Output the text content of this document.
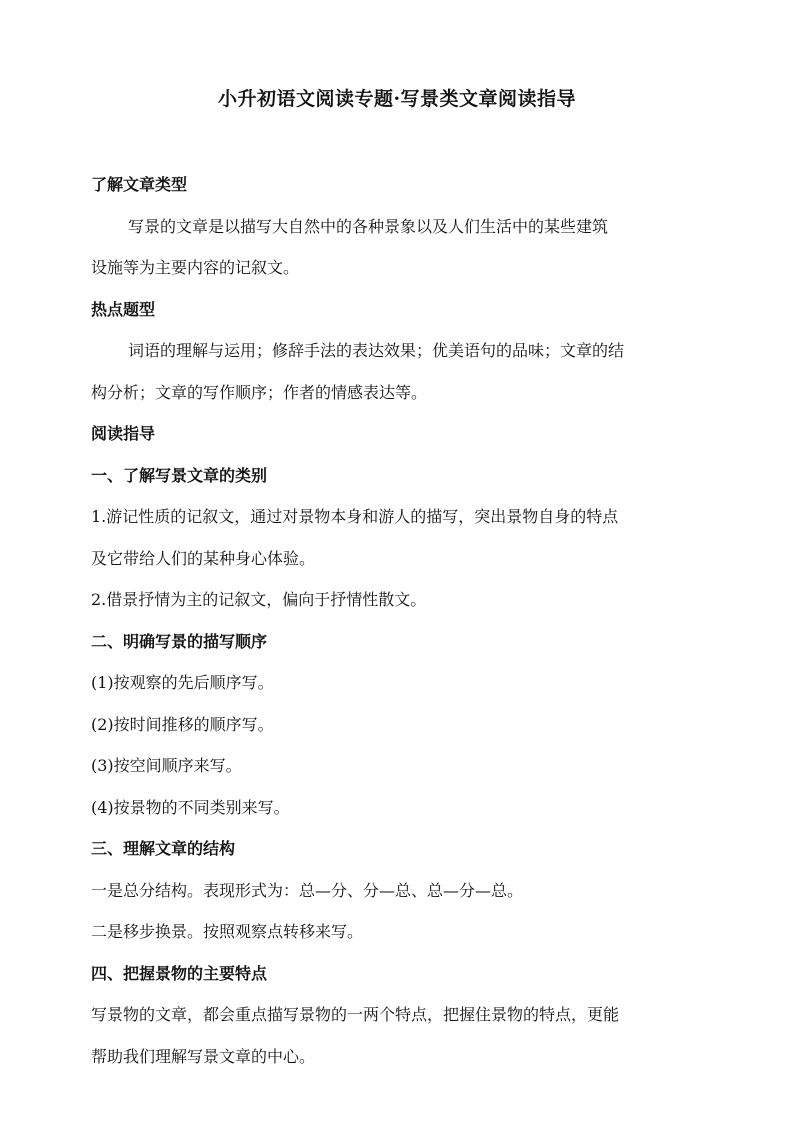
小升初语文阅读专题·写景类文章阅读指导

了解文章类型

写景的文章是以描写大自然中的各种景象以及人们生活中的某些建筑

设施等为主要内容的记叙文。

热点题型

词语的理解与运用；修辞手法的表达效果；优美语句的品味；文章的结

构分析；文章的写作顺序；作者的情感表达等。

阅读指导

一、了解写景文章的类别

1.游记性质的记叙文，通过对景物本身和游人的描写，突出景物自身的特点

及它带给人们的某种身心体验。

2.借景抒情为主的记叙文，偏向于抒情性散文。

二、明确写景的描写顺序

(1)按观察的先后顺序写。

(2)按时间推移的顺序写。

(3)按空间顺序来写。

(4)按景物的不同类别来写。

三、理解文章的结构

一是总分结构。表现形式为：总—分、分—总、总—分—总。

二是移步换景。按照观察点转移来写。

四、把握景物的主要特点

写景物的文章，都会重点描写景物的一两个特点，把握住景物的特点，更能

帮助我们理解写景文章的中心。
